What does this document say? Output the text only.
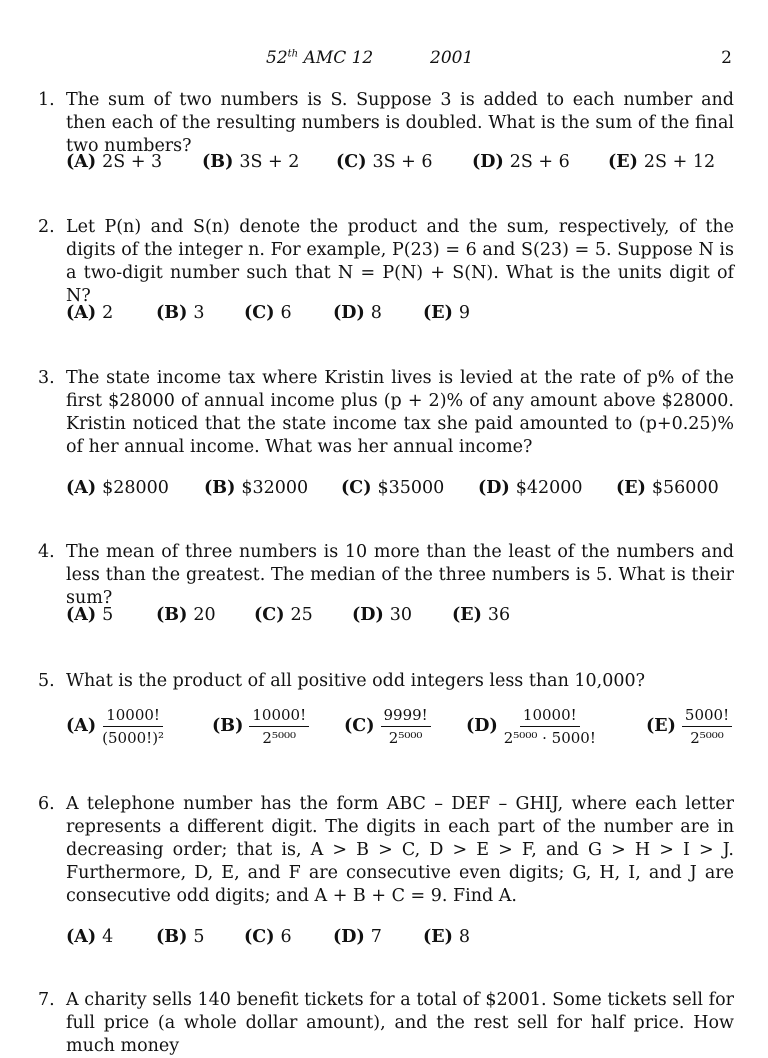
52th AMC 12	2001	2
1. The sum of two numbers is S. Suppose 3 is added to each number and then each of the resulting numbers is doubled. What is the sum of the final two numbers?
(A) 2S + 3 (B) 3S + 2 (C) 3S + 6 (D) 2S + 6 (E) 2S + 12
2. Let P(n) and S(n) denote the product and the sum, respectively, of the digits of the integer n. For example, P(23) = 6 and S(23) = 5. Suppose N is a two-digit number such that N = P(N) + S(N). What is the units digit of N?
(A) 2 (B) 3 (C) 6 (D) 8 (E) 9
3. The state income tax where Kristin lives is levied at the rate of p% of the first $28000 of annual income plus (p + 2)% of any amount above $28000. Kristin noticed that the state income tax she paid amounted to (p+0.25)% of her annual income. What was her annual income?
(A) $28000 (B) $32000 (C) $35000 (D) $42000 (E) $56000
4. The mean of three numbers is 10 more than the least of the numbers and less than the greatest. The median of the three numbers is 5. What is their sum?
(A) 5 (B) 20 (C) 25 (D) 30 (E) 36
5. What is the product of all positive odd integers less than 10,000?
$(A) \frac{10000!}{\text{(5000!)²}}$	$(B) \frac{10000!}{\text{2⁵⁰⁰⁰}} (C) \frac{9999!}{\text{2⁵⁰⁰⁰}} (D) \frac{10000!}{\text{2⁵⁰⁰⁰ · 5000!}}$	$(E) \frac{5000!}{\text{2⁵⁰⁰⁰}}$
6. A telephone number has the form ABC – DEF – GHIJ, where each letter represents a different digit. The digits in each part of the number are in decreasing order; that is, A > B > C, D > E > F, and G > H > I > J. Furthermore, D, E, and F are consecutive even digits; G, H, I, and J are consecutive odd digits; and A + B + C = 9. Find A.
(A) 4 (B) 5 (C) 6 (D) 7 (E) 8
7. A charity sells 140 benefit tickets for a total of $2001. Some tickets sell for full price (a whole dollar amount), and the rest sell for half price. How much money
